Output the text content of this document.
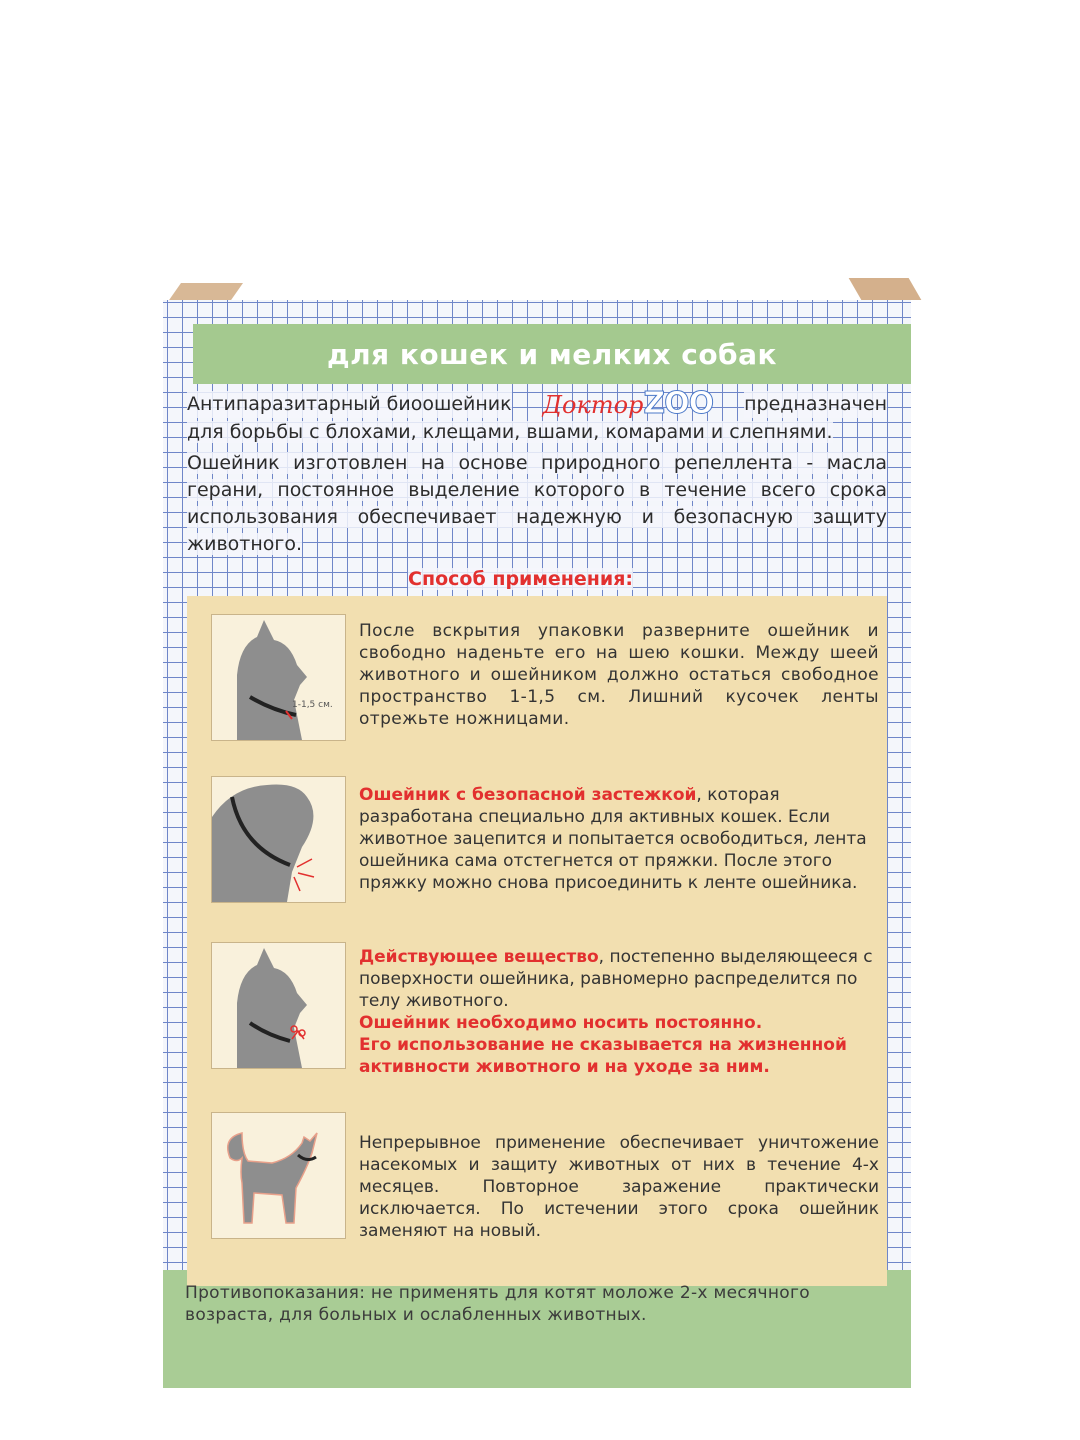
для кошек и мелких собак
Антипаразитарный биоошейник ДокторZOO предназначен

для борьбы с блохами, клещами, вшами, комарами и слепнями.

Ошейник изготовлен на основе природного репеллента - масла герани, постоянное выделение которого в течение всего срока использования обеспечивает надежную и безопасную защиту животного.

Способ применения:
1-1,5 см.
После вскрытия упаковки разверните ошейник и свободно наденьте его на шею кошки. Между шеей животного и ошейником должно остаться свободное пространство 1-1,5 см. Лишний кусочек ленты отрежьте ножницами.
Ошейник с безопасной застежкой, которая разработана специально для активных кошек. Если животное зацепится и попытается освободиться, лента ошейника сама отстегнется от пряжки. После этого пряжку можно снова присоединить к ленте ошейника.
Действующее вещество, постепенно выделяющееся с поверхности ошейника, равномерно распределится по телу животного.
Ошейник необходимо носить постоянно.
Его использование не сказывается на жизненной активности животного и на уходе за ним.
Непрерывное применение обеспечивает уничтожение насекомых и защиту животных от них в течение 4-х месяцев. Повторное заражение практически исключается. По истечении этого срока ошейник заменяют на новый.
Противопоказания: не применять для котят моложе 2-х месячного возраста, для больных и ослабленных животных.
